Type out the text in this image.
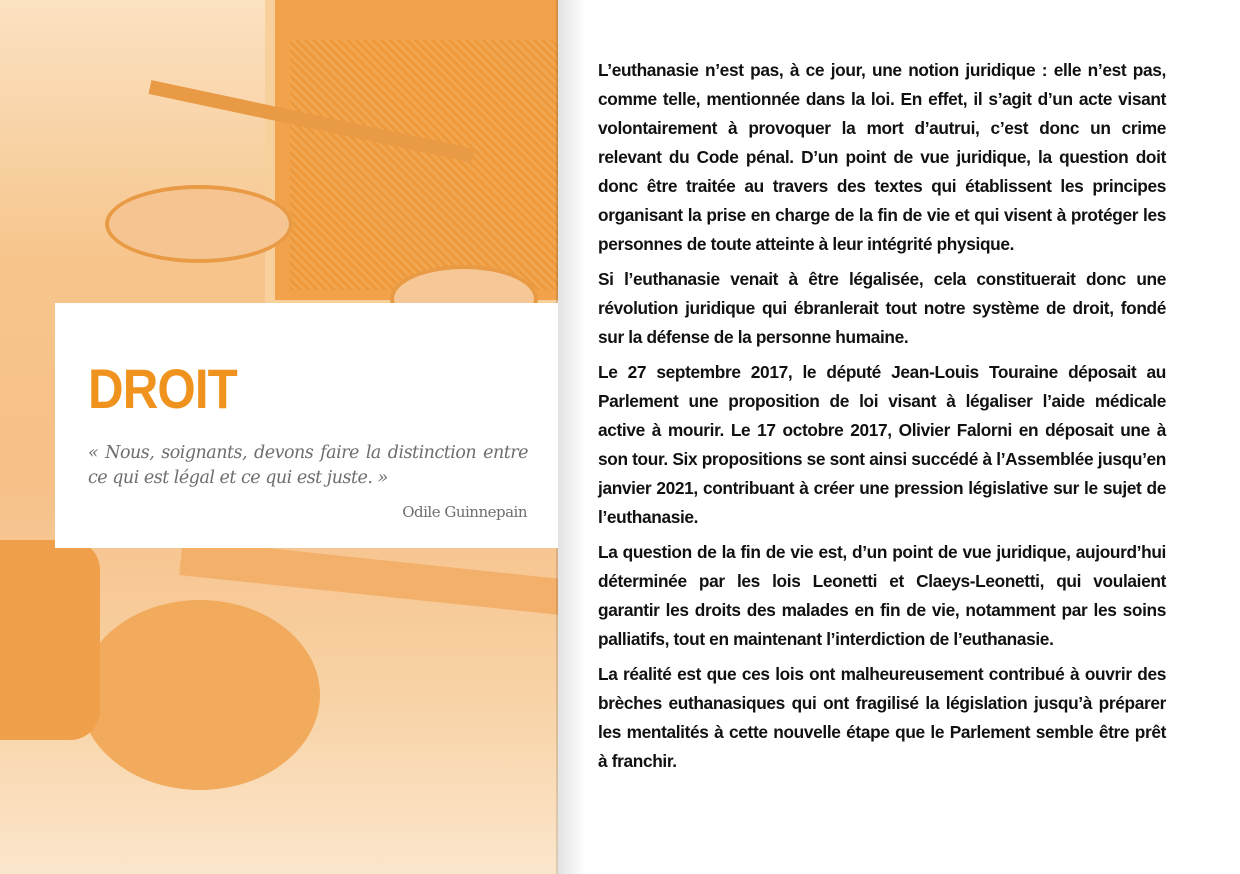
DROIT

« Nous, soignants, devons faire la distinction entre ce qui est légal et ce qui est juste. »

Odile Guinnepain

L’euthanasie n’est pas, à ce jour, une notion juridique : elle n’est pas, comme telle, mentionnée dans la loi. En effet, il s’agit d’un acte visant volontairement à provoquer la mort d’autrui, c’est donc un crime relevant du Code pénal. D’un point de vue juridique, la question doit donc être traitée au travers des textes qui établissent les principes organisant la prise en charge de la fin de vie et qui visent à protéger les personnes de toute atteinte à leur intégrité physique.

Si l’euthanasie venait à être légalisée, cela constituerait donc une révolution juridique qui ébranlerait tout notre système de droit, fondé sur la défense de la personne humaine.

Le 27 septembre 2017, le député Jean-Louis Touraine déposait au Parlement une proposition de loi visant à légaliser l’aide médicale active à mourir. Le 17 octobre 2017, Olivier Falorni en déposait une à son tour. Six propositions se sont ainsi succédé à l’Assemblée jusqu’en janvier 2021, contribuant à créer une pression législative sur le sujet de l’euthanasie.

La question de la fin de vie est, d’un point de vue juridique, aujourd’hui déterminée par les lois Leonetti et Claeys-Leonetti, qui voulaient garantir les droits des malades en fin de vie, notamment par les soins palliatifs, tout en maintenant l’interdiction de l’euthanasie.

La réalité est que ces lois ont malheureusement contribué à ouvrir des brèches euthanasiques qui ont fragilisé la législation jusqu’à préparer les mentalités à cette nouvelle étape que le Parlement semble être prêt à franchir.
